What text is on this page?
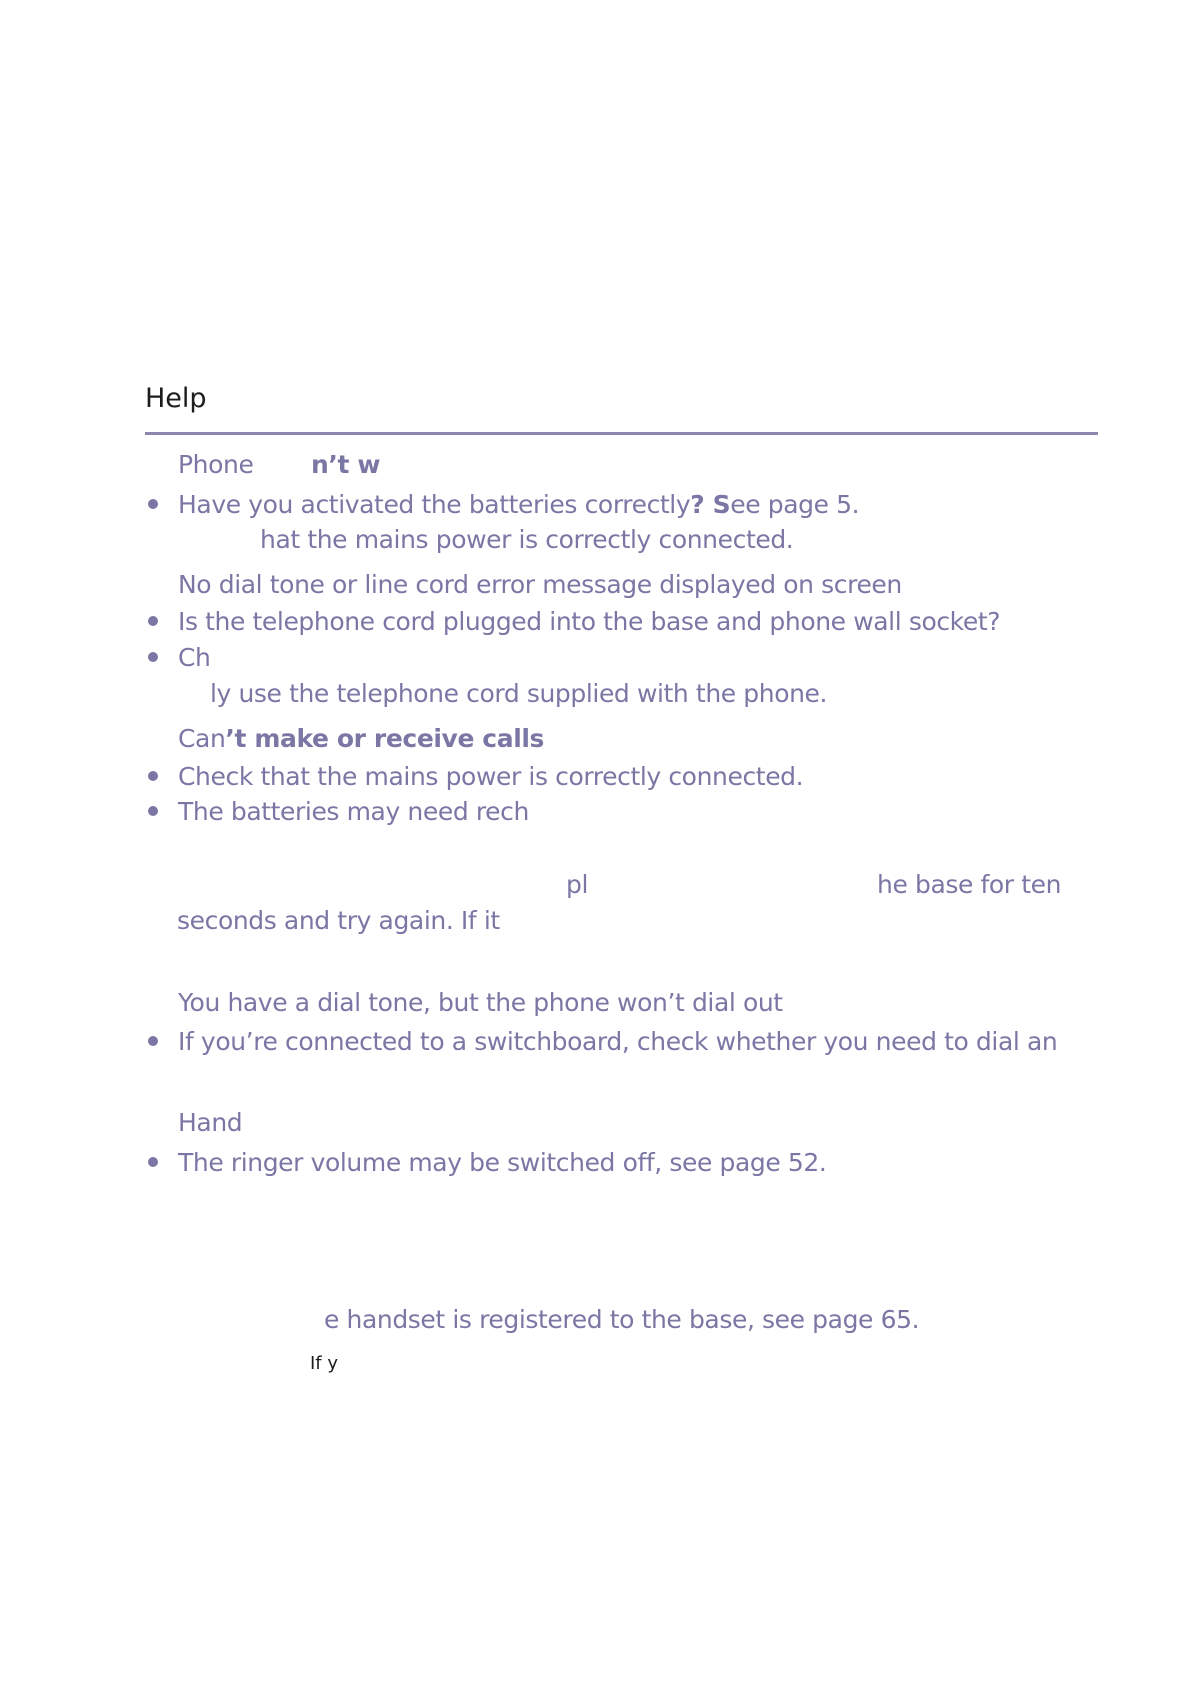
Help
Phone n’t w
Have you activated the batteries correctly? See page 5.
hat the mains power is correctly connected.
No dial tone or line cord error message displayed on screen
Is the telephone cord plugged into the base and phone wall socket?
Ch
ly use the telephone cord supplied with the phone.
Can’t make or receive calls
Check that the mains power is correctly connected.
The batteries may need rech
pl	he base for ten
seconds and try again. If it
You have a dial tone, but the phone won’t dial out
If you’re connected to a switchboard, check whether you need to dial an
Hand
The ringer volume may be switched off, see page 52.
e handset is registered to the base, see page 65.
If y
